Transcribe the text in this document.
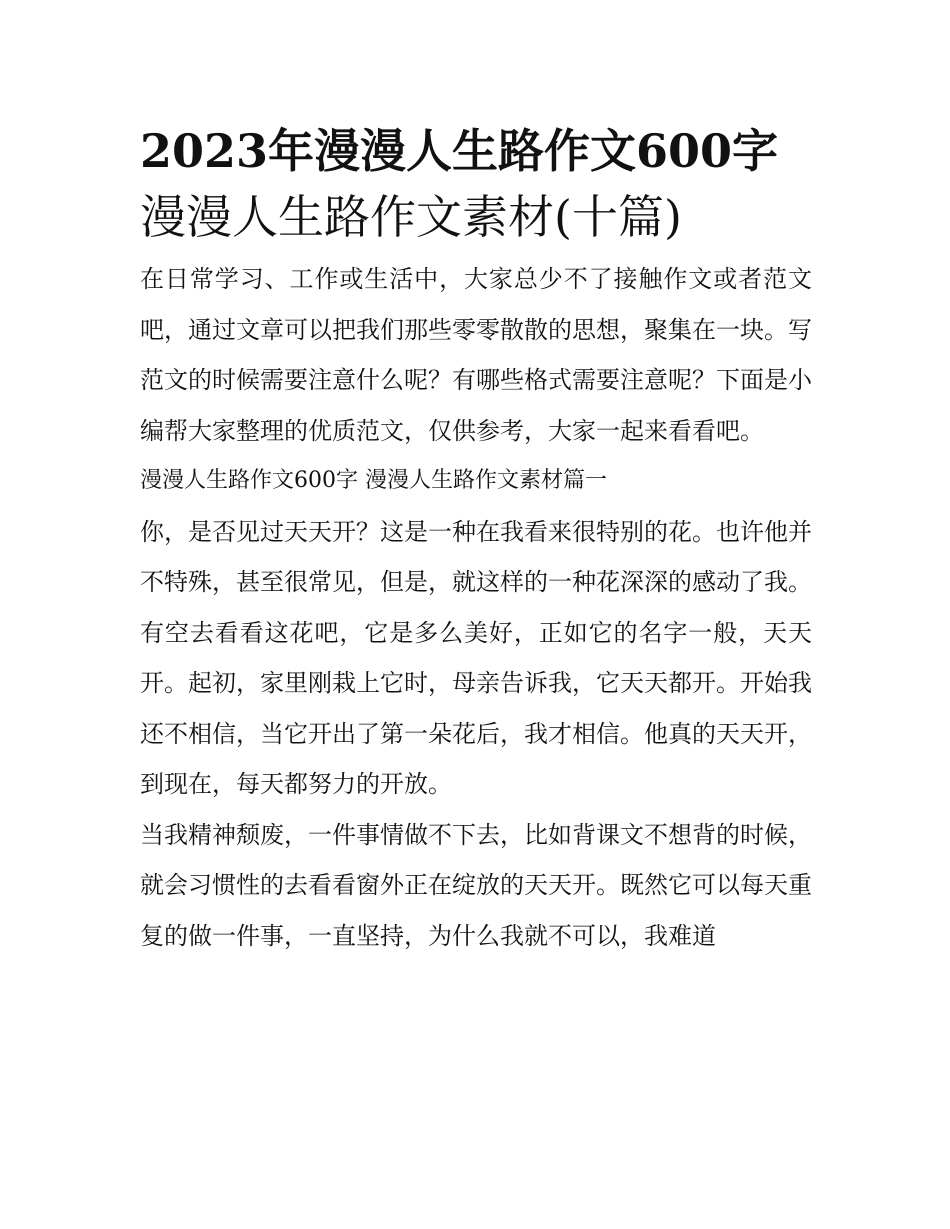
2023年漫漫人生路作文600字
漫漫人生路作文素材(十篇)

在日常学习、工作或生活中，大家总少不了接触作文或者范文吧，通过文章可以把我们那些零零散散的思想，聚集在一块。写范文的时候需要注意什么呢？有哪些格式需要注意呢？下面是小编帮大家整理的优质范文，仅供参考，大家一起来看看吧。

漫漫人生路作文600字 漫漫人生路作文素材篇一

你，是否见过天天开？这是一种在我看来很特别的花。也许他并不特殊，甚至很常见，但是，就这样的一种花深深的感动了我。

有空去看看这花吧，它是多么美好，正如它的名字一般，天天开。起初，家里刚栽上它时，母亲告诉我，它天天都开。开始我还不相信，当它开出了第一朵花后，我才相信。他真的天天开，到现在，每天都努力的开放。

当我精神颓废，一件事情做不下去，比如背课文不想背的时候，就会习惯性的去看看窗外正在绽放的天天开。既然它可以每天重复的做一件事，一直坚持，为什么我就不可以，我难道
